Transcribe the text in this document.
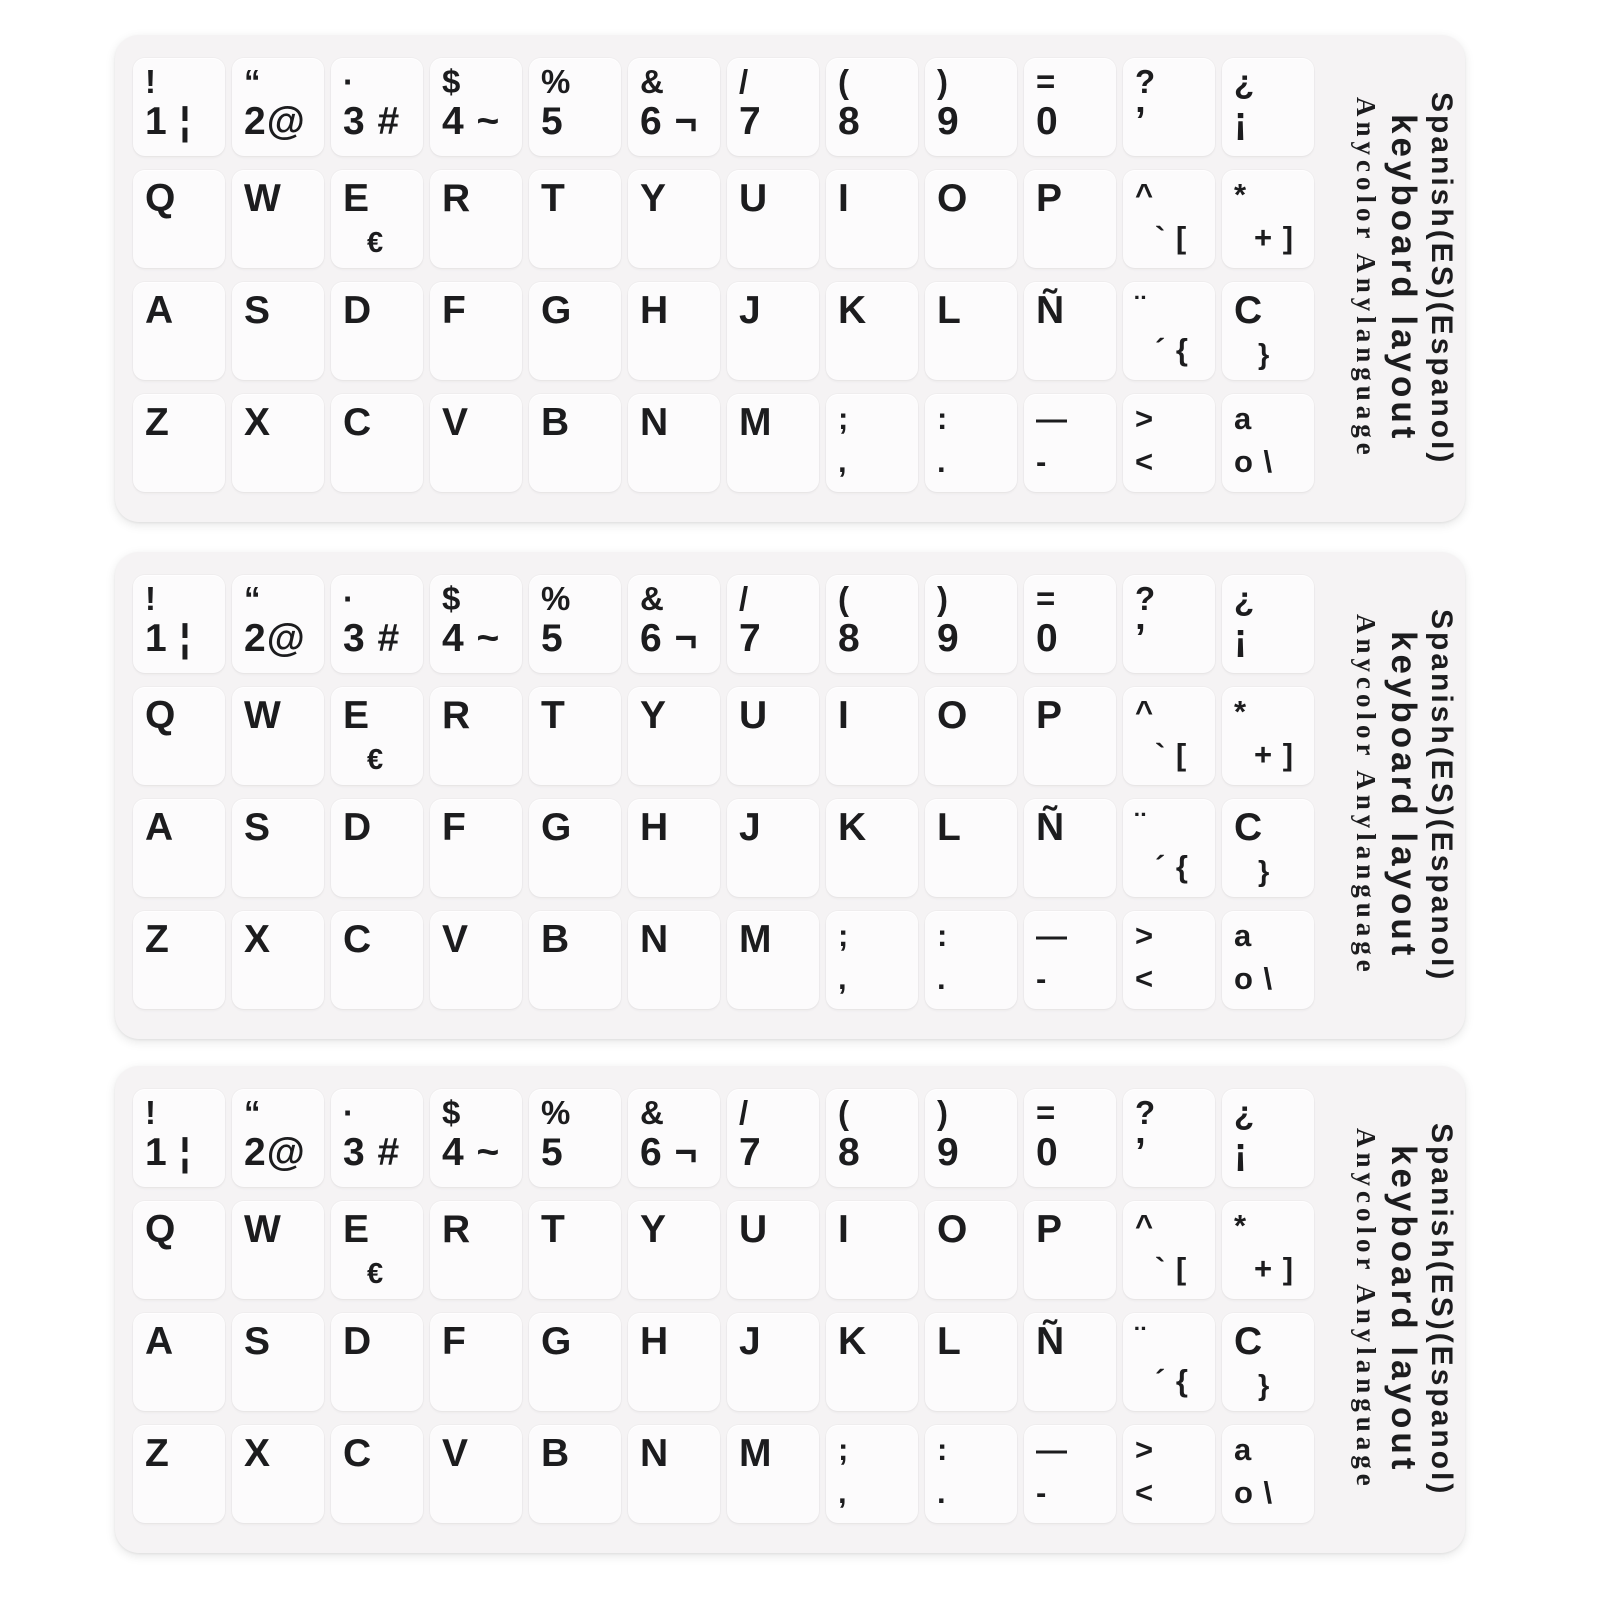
!
1 ¦
“
2@
·
3 #
$
4 ~
%
5
&
6 ¬
/
7
(
8
)
9
=
0
?
’
¿
¡
Q	W	E
€
R	T	Y	U	I	O	P	^
` [
*
+ ]
A	S	D	F	G	H	J	K	L	Ñ	¨
´ {
C
}
Z	X	C	V	B	N	M	;
,
:
.
—
-
>
<
a
o \	Spanish(ES)(Espanol)
keyboard layout
Anycolor Anylanguage
!
1 ¦
“
2@
·
3 #
$
4 ~
%
5
&
6 ¬
/
7
(
8
)
9
=
0
?
’
¿
¡
Q	W	E
€
R	T	Y	U	I	O	P	^
` [
*
+ ]
A	S	D	F	G	H	J	K	L	Ñ	¨
´ {
C
}
Z	X	C	V	B	N	M	;
,
:
.
—
-
>
<
a
o \	Spanish(ES)(Espanol)
keyboard layout
Anycolor Anylanguage
!
1 ¦
“
2@
·
3 #
$
4 ~
%
5
&
6 ¬
/
7
(
8
)
9
=
0
?
’
¿
¡
Q	W	E
€
R	T	Y	U	I	O	P	^
` [
*
+ ]
A	S	D	F	G	H	J	K	L	Ñ	¨
´ {
C
}
Z	X	C	V	B	N	M	;
,
:
.
—
-
>
<
a
o \	Spanish(ES)(Espanol)
keyboard layout
Anycolor Anylanguage
